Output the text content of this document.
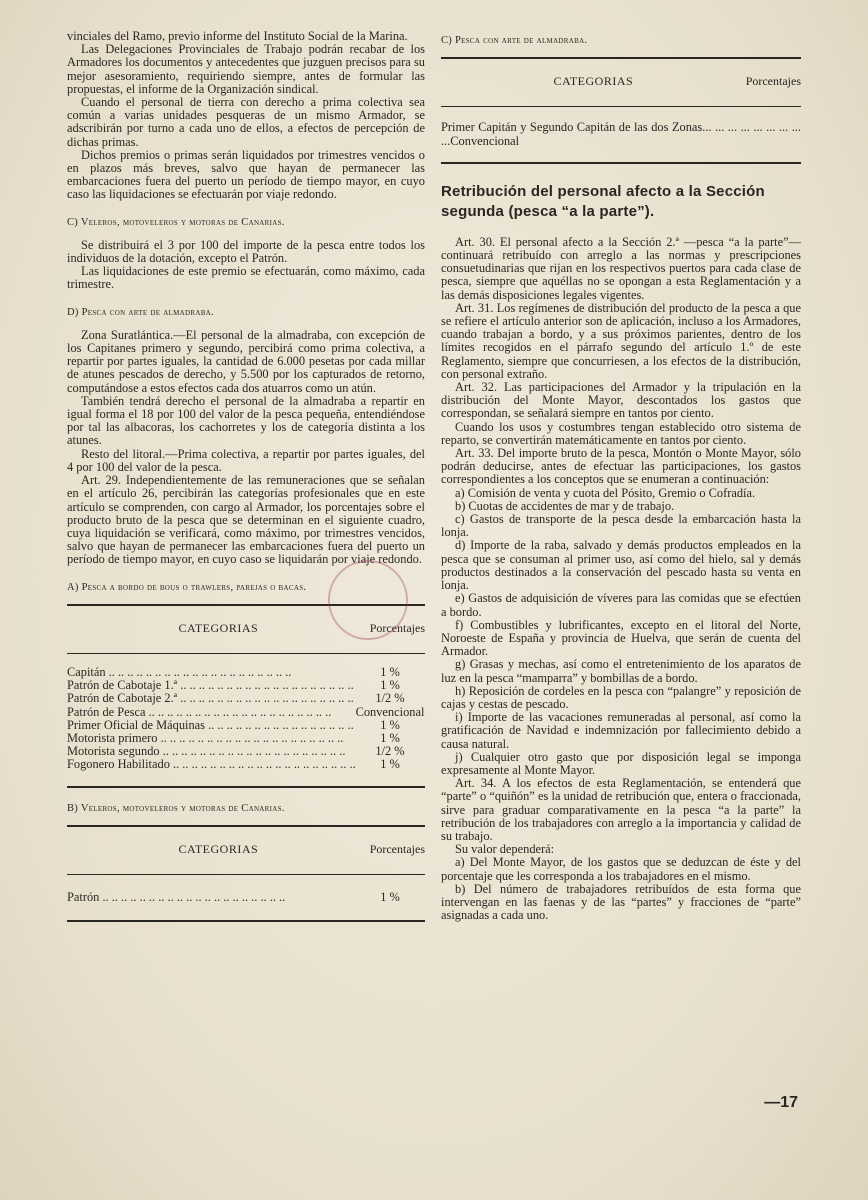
vinciales del Ramo, previo informe del Instituto Social de la Marina.

Las Delegaciones Provinciales de Trabajo podrán recabar de los Armadores los documentos y antecedentes que juzguen precisos para su mejor asesoramiento, requiriendo siempre, antes de formular las propuestas, el informe de la Organización sindical.

Cuando el personal de tierra con derecho a prima colectiva sea común a varias unidades pesqueras de un mismo Armador, se adscribirán por turno a cada uno de ellos, a efectos de percepción de dichas primas.

Dichos premios o primas serán liquidados por trimestres vencidos o en plazos más breves, salvo que hayan de permanecer las embarcaciones fuera del puerto un período de tiempo mayor, en cuyo caso las liquidaciones se efectuarán por viaje redondo.

C) Veleros, motoveleros y motoras de Canarias.

Se distribuirá el 3 por 100 del importe de la pesca entre todos los individuos de la dotación, excepto el Patrón.

Las liquidaciones de este premio se efectuarán, como máximo, cada trimestre.

D) Pesca con arte de almadraba.

Zona Suratlántica.—El personal de la almadraba, con excepción de los Capitanes primero y segundo, percibirá como prima colectiva, a repartir por partes iguales, la cantidad de 6.000 pesetas por cada millar de atunes pescados de derecho, y 5.500 por los capturados de retorno, computándose a estos efectos cada dos atuarros como un atún.

También tendrá derecho el personal de la almadraba a repartir en igual forma el 18 por 100 del valor de la pesca pequeña, entendiéndose por tal las albacoras, los cachorretes y los de categoría distinta a los atunes.

Resto del litoral.—Prima colectiva, a repartir por partes iguales, del 4 por 100 del valor de la pesca.

Art. 29. Independientemente de las remuneraciones que se señalan en el artículo 26, percibirán las categorías profesionales que en este artículo se comprenden, con cargo al Armador, los porcentajes sobre el producto bruto de la pesca que se determinan en el siguiente cuadro, cuya liquidación se verificará, como máximo, por trimestres vencidos, salvo que hayan de permanecer las embarcaciones fuera del puerto un período de tiempo mayor, en cuyo caso se liquidarán por viaje redondo.

A) Pesca a bordo de bous o trawlers, parejas o bacas.

CATEGORIAS	Porcentajes
Capitán .. ..	1 %
Patrón de Cabotaje 1.ª .. ..	1 %
Patrón de Cabotaje 2.ª .. ..	1/2 %
Patrón de Pesca .. ..	Convencional
Primer Oficial de Máquinas .. ..	1 %
Motorista primero .. ..	1 %
Motorista segundo .. ..	1/2 %
Fogonero Habilitado .. ..	1 %

B) Veleros, motoveleros y motoras de Canarias.

CATEGORIAS	Porcentajes
Patrón .. ..	1 %

C) Pesca con arte de almadraba.

CATEGORIAS	Porcentajes

Primer Capitán y Segundo Capitán de las dos Zonas... ... ... ... ... ... ... ... ...Convencional

Retribución del personal afecto a la Sección segunda (pesca “a la parte”).

Art. 30. El personal afecto a la Sección 2.ª —pesca “a la parte”— continuará retribuído con arreglo a las normas y prescripciones consuetudinarias que rijan en los respectivos puertos para cada clase de pesca, siempre que aquéllas no se opongan a esta Reglamentación y a las demás disposiciones legales vigentes.

Art. 31. Los regímenes de distribución del producto de la pesca a que se refiere el artículo anterior son de aplicación, incluso a los Armadores, cuando trabajan a bordo, y a sus próximos parientes, dentro de los límites recogidos en el párrafo segundo del artículo 1.º de este Reglamento, siempre que concurriesen, a los efectos de la distribución, con personal extraño.

Art. 32. Las participaciones del Armador y la tripulación en la distribución del Monte Mayor, descontados los gastos que correspondan, se señalará siempre en tantos por ciento.

Cuando los usos y costumbres tengan establecido otro sistema de reparto, se convertirán matemáticamente en tantos por ciento.

Art. 33. Del importe bruto de la pesca, Montón o Monte Mayor, sólo podrán deducirse, antes de efectuar las participaciones, los gastos correspondientes a los conceptos que se enumeran a continuación:

a) Comisión de venta y cuota del Pósito, Gremio o Cofradía.

b) Cuotas de accidentes de mar y de trabajo.

c) Gastos de transporte de la pesca desde la embarcación hasta la lonja.

d) Importe de la raba, salvado y demás productos empleados en la pesca que se consuman al primer uso, así como del hielo, sal y demás productos destinados a la conservación del pescado hasta su venta en lonja.

e) Gastos de adquisición de víveres para las comidas que se efectúen a bordo.

f) Combustibles y lubrificantes, excepto en el litoral del Norte, Noroeste de España y provincia de Huelva, que serán de cuenta del Armador.

g) Grasas y mechas, así como el entretenimiento de los aparatos de luz en la pesca “mamparra” y bombillas de a bordo.

h) Reposición de cordeles en la pesca con “palangre” y reposición de cajas y cestas de pescado.

i) Importe de las vacaciones remuneradas al personal, así como la gratificación de Navidad e indemnización por fallecimiento debido a causa natural.

j) Cualquier otro gasto que por disposición legal se imponga expresamente al Monte Mayor.

Art. 34. A los efectos de esta Reglamentación, se entenderá que “parte” o “quiñón” es la unidad de retribución que, entera o fraccionada, sirve para graduar comparativamente en la pesca “a la parte” la retribución de los trabajadores con arreglo a la importancia y calidad de su trabajo.

Su valor dependerá:

a) Del Monte Mayor, de los gastos que se deduzcan de éste y del porcentaje que les corresponda a los trabajadores en el mismo.

b) Del número de trabajadores retribuídos de esta forma que intervengan en las faenas y de las “partes” y fracciones de “parte” asignadas a cada uno.

—17
